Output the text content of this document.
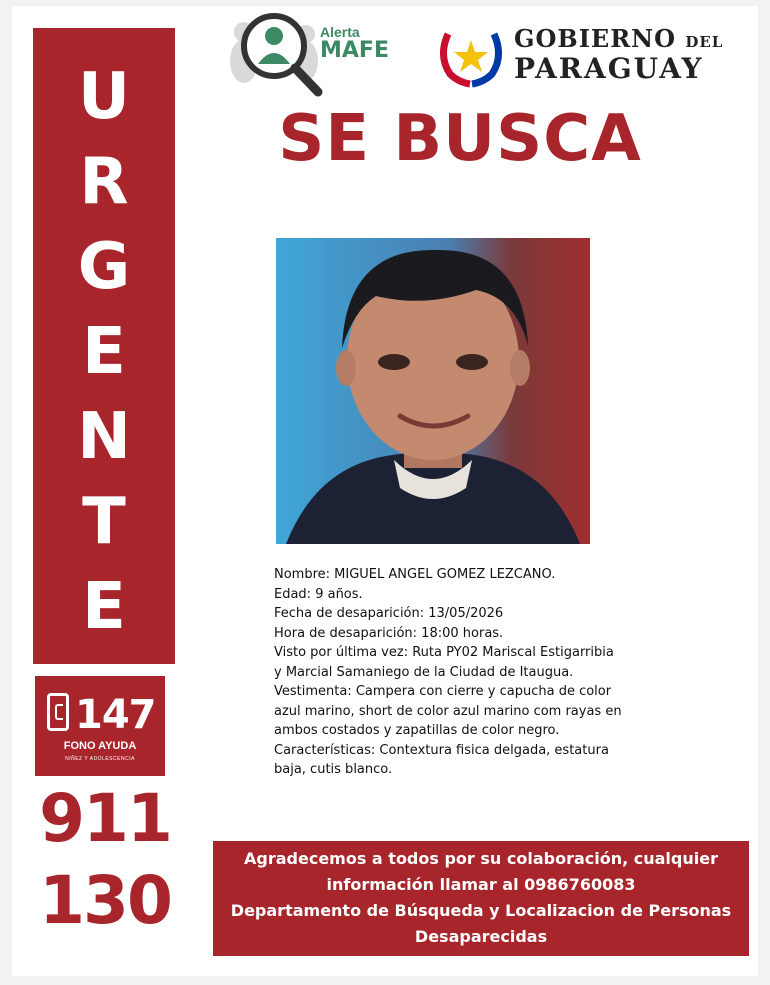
U
R
G
E
N
T
E
147
FONO AYUDA
NIÑEZ Y ADOLESCENCIA
911
130
Alerta
MAFE	GOBIERNO DEL
PARAGUAY
SE BUSCA
Nombre: MIGUEL ANGEL GOMEZ LEZCANO.
Edad: 9 años.
Fecha de desaparición: 13/05/2026
Hora de desaparición: 18:00 horas.
Visto por última vez: Ruta PY02 Mariscal Estigarribia y Marcial Samaniego de la Ciudad de Itaugua.
Vestimenta: Campera con cierre y capucha de color azul marino, short de color azul marino com rayas en ambos costados y zapatillas de color negro.
Características: Contextura fisica delgada, estatura baja, cutis blanco.
Agradecemos a todos por su colaboración, cualquier
información llamar al 0986760083
Departamento de Búsqueda y Localizacion de Personas
Desaparecidas
